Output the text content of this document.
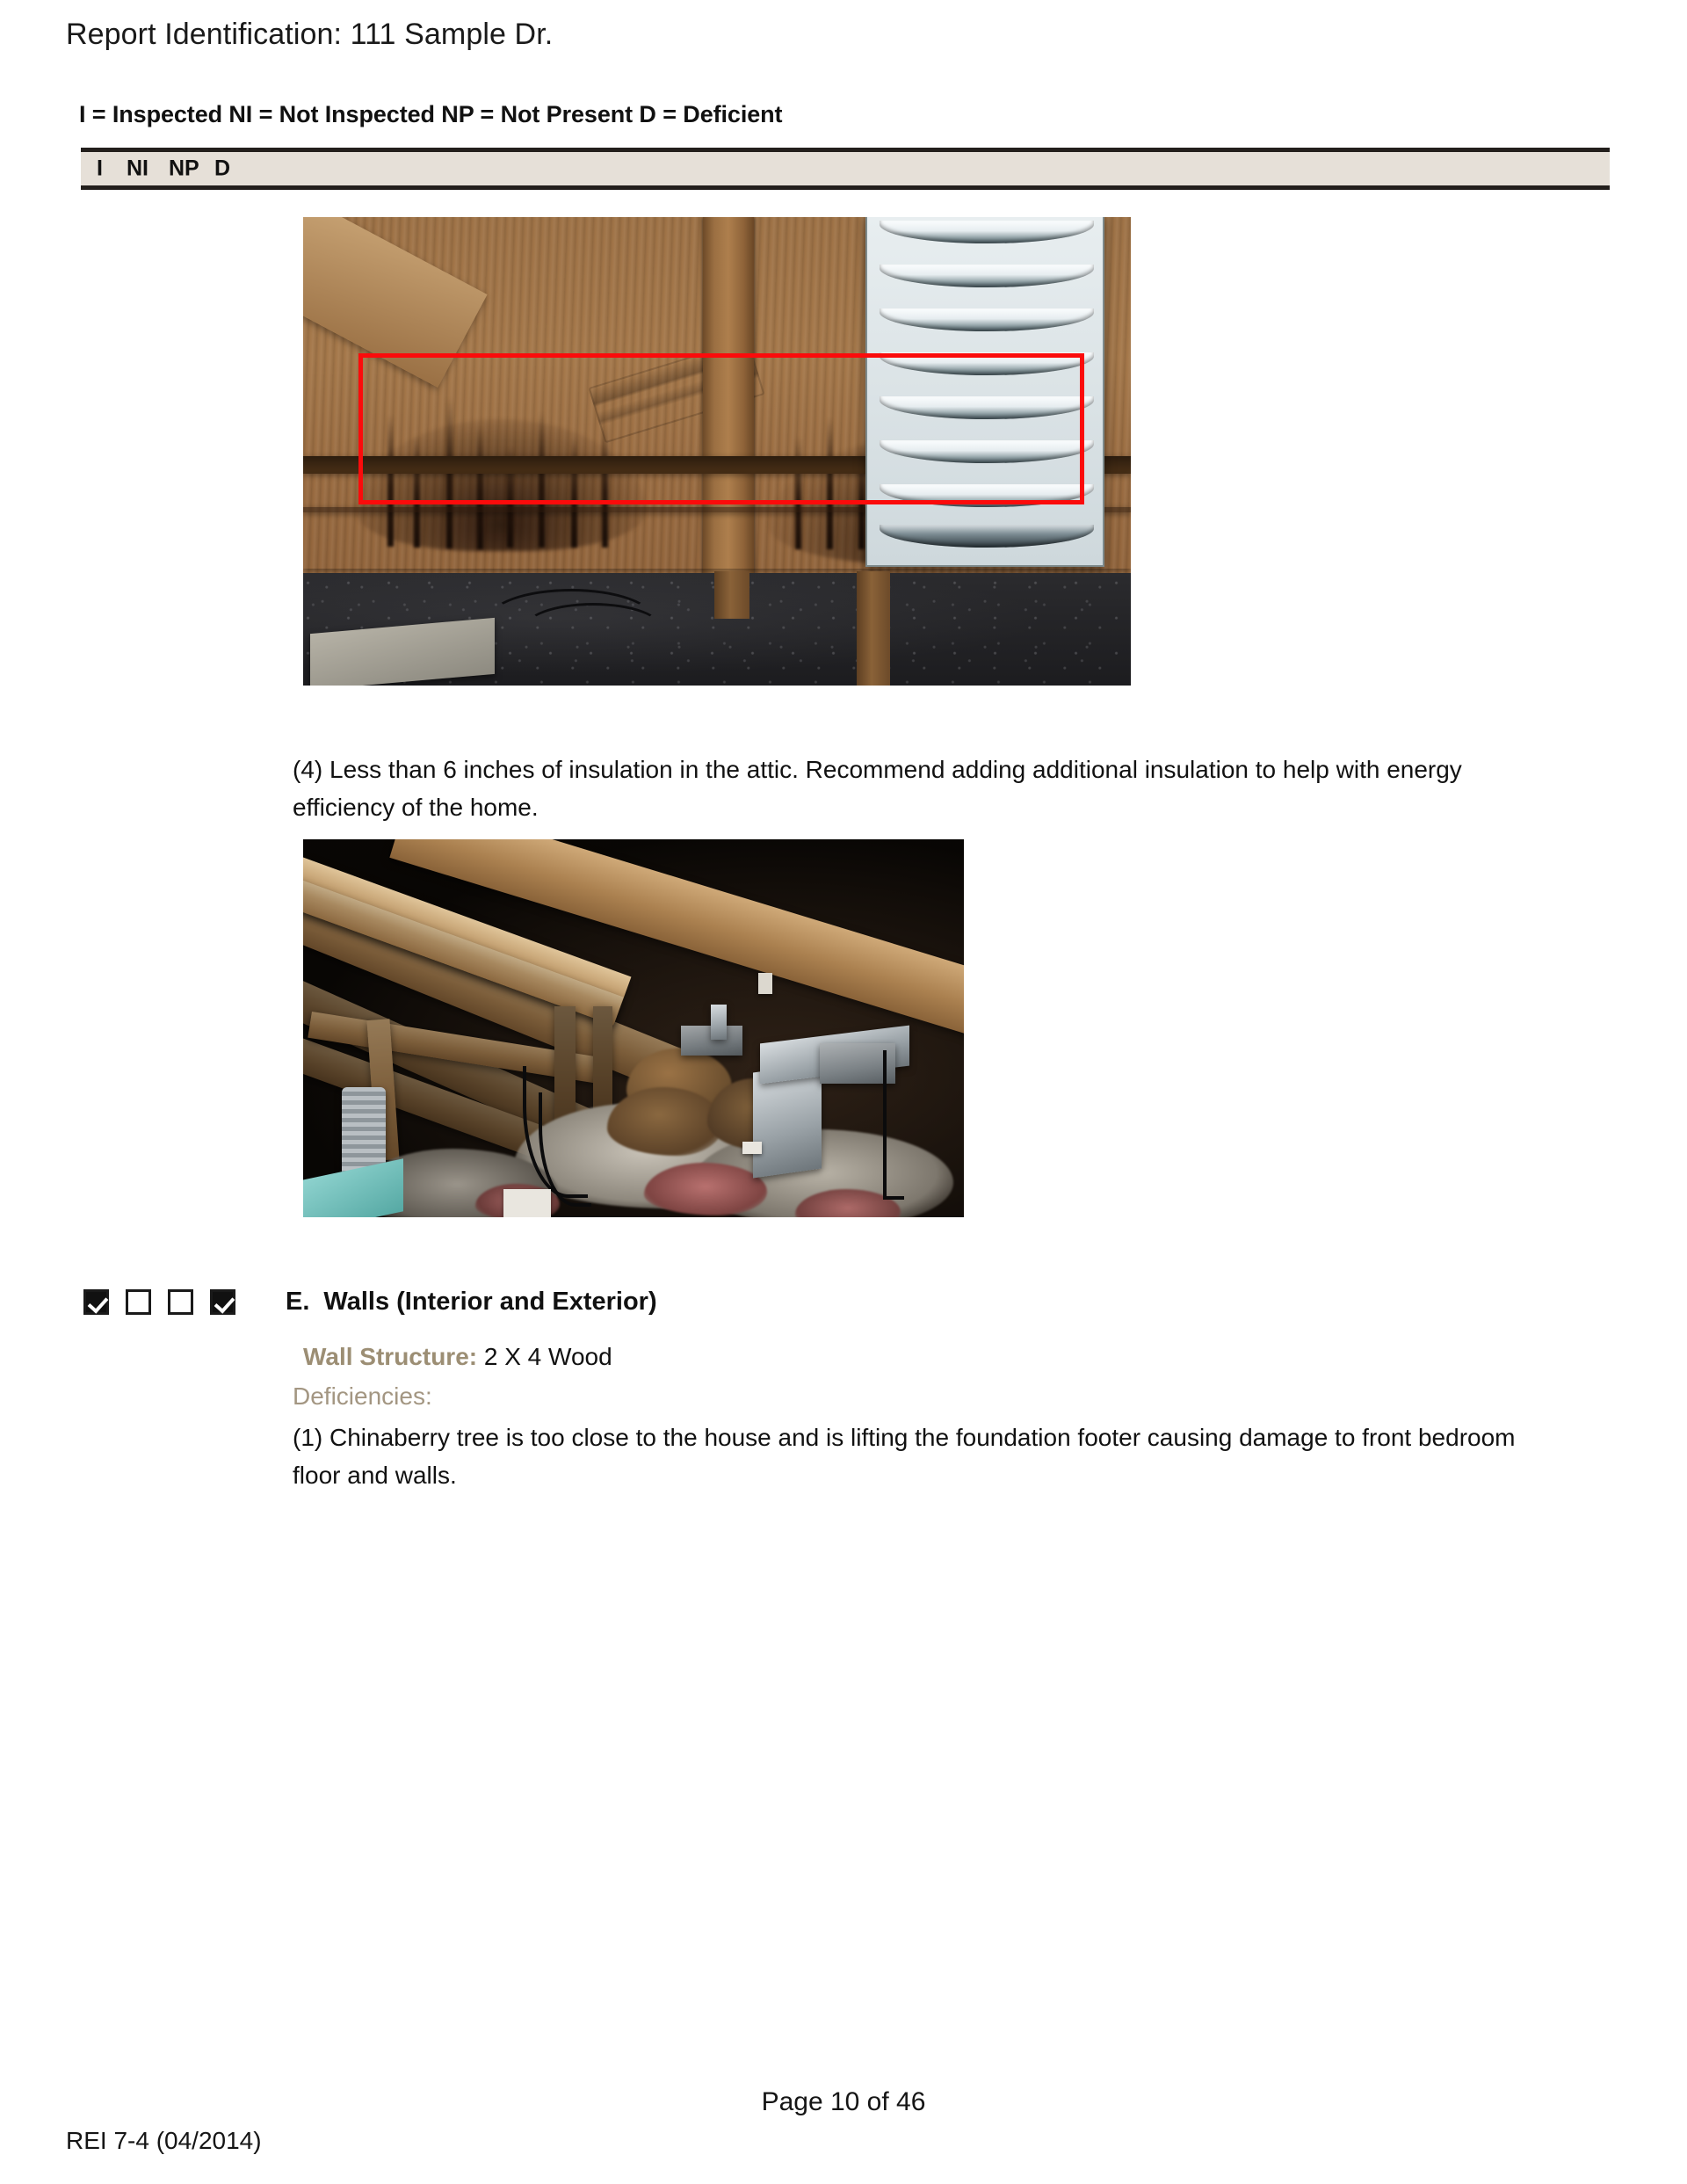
Report Identification: 111 Sample Dr.
I = Inspected NI = Not Inspected NP = Not Present D = Deficient
I NI NP D
(4) Less than 6 inches of insulation in the attic. Recommend adding additional insulation to help with energy efficiency of the home.
E. Walls (Interior and Exterior)
Wall Structure: 2 X 4 Wood
Deficiencies:
(1) Chinaberry tree is too close to the house and is lifting the foundation footer causing damage to front bedroom floor and walls.
Page 10 of 46
REI 7-4 (04/2014)
